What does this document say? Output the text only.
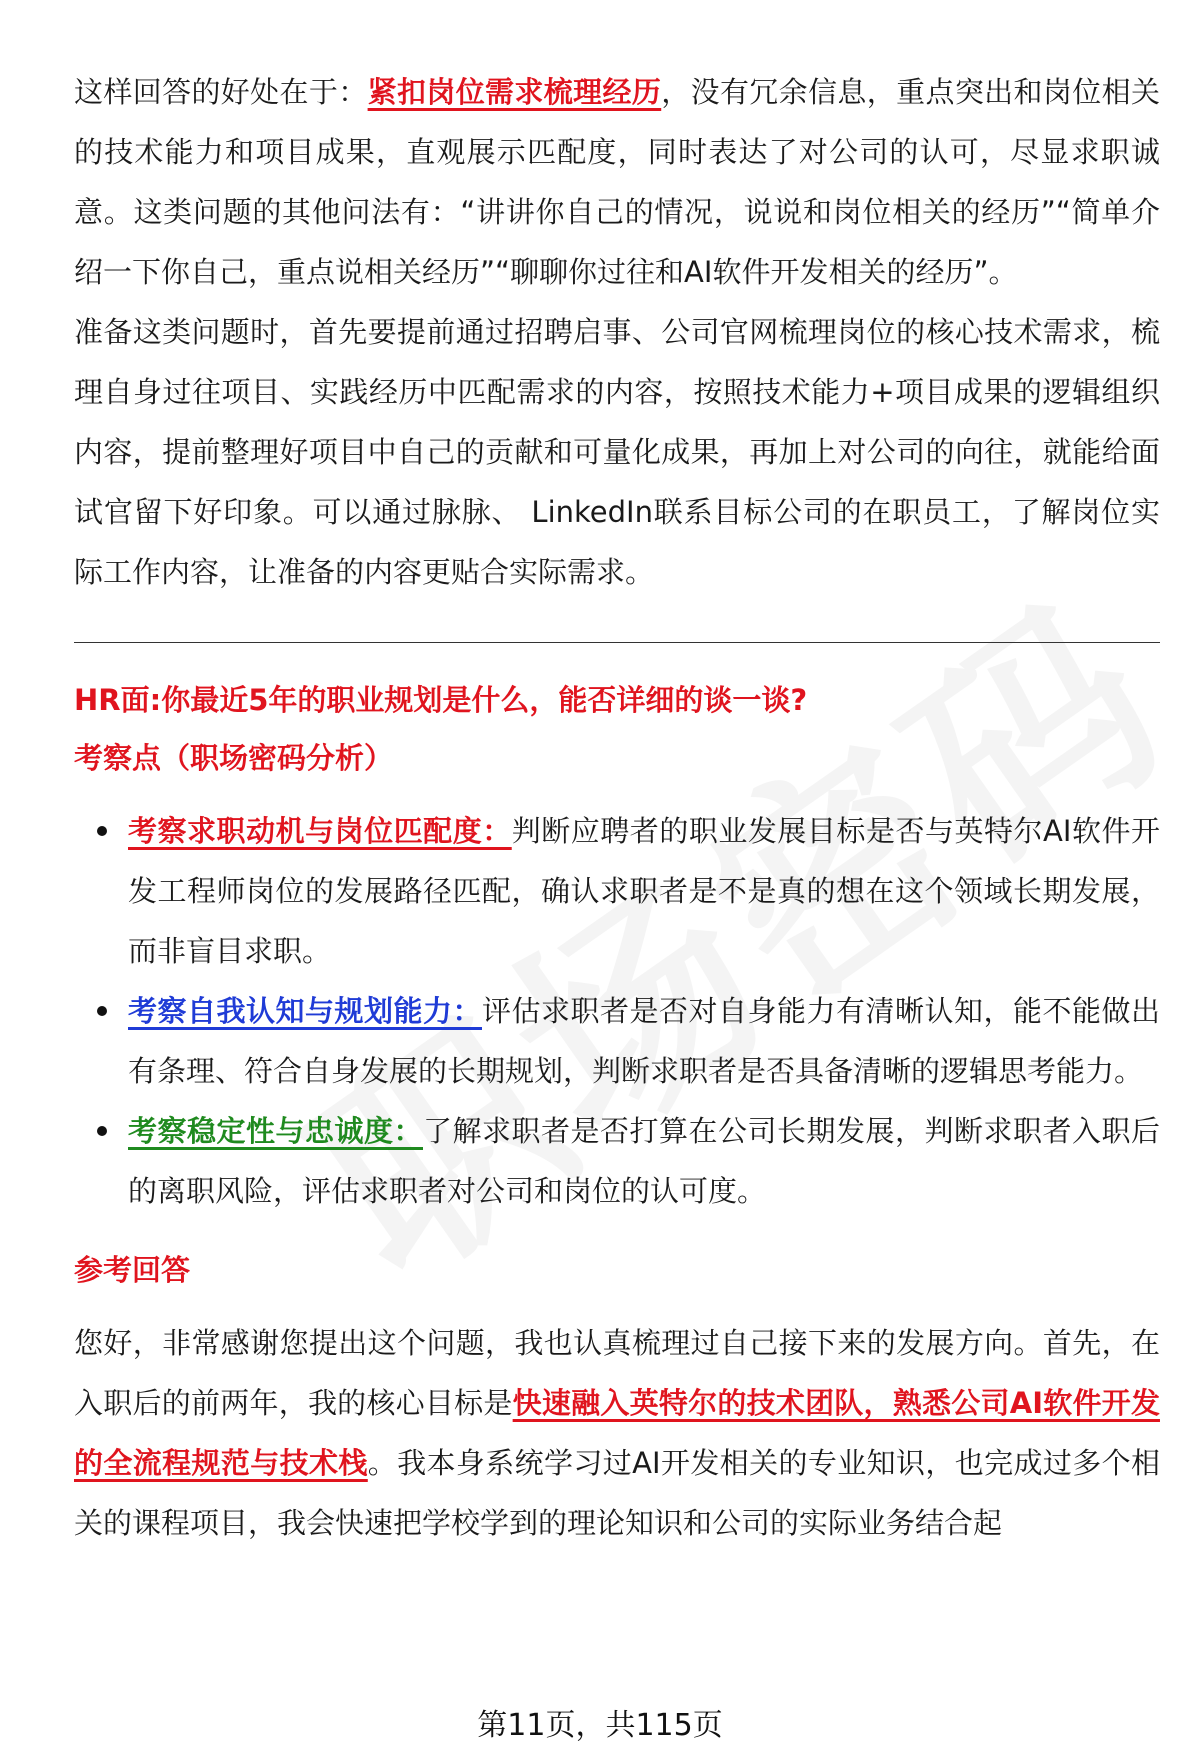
这样回答的好处在于：紧扣岗位需求梳理经历，没有冗余信息，重点突出和岗位相关的技术能力和项目成果，直观展示匹配度，同时表达了对公司的认可，尽显求职诚意。这类问题的其他问法有：“讲讲你自己的情况，说说和岗位相关的经历”“简单介绍一下你自己，重点说相关经历”“聊聊你过往和AI软件开发相关的经历”。

准备这类问题时，首先要提前通过招聘启事、公司官网梳理岗位的核心技术需求，梳理自身过往项目、实践经历中匹配需求的内容，按照技术能力+项目成果的逻辑组织内容，提前整理好项目中自己的贡献和可量化成果，再加上对公司的向往，就能给面试官留下好印象。可以通过脉脉、 LinkedIn联系目标公司的在职员工，了解岗位实际工作内容，让准备的内容更贴合实际需求。

HR面:你最近5年的职业规划是什么，能否详细的谈一谈?

考察点（职场密码分析）

考察求职动机与岗位匹配度：判断应聘者的职业发展目标是否与英特尔AI软件开发工程师岗位的发展路径匹配，确认求职者是不是真的想在这个领域长期发展，而非盲目求职。
考察自我认知与规划能力：评估求职者是否对自身能力有清晰认知，能不能做出有条理、符合自身发展的长期规划，判断求职者是否具备清晰的逻辑思考能力。
考察稳定性与忠诚度：了解求职者是否打算在公司长期发展，判断求职者入职后的离职风险，评估求职者对公司和岗位的认可度。

参考回答

您好，非常感谢您提出这个问题，我也认真梳理过自己接下来的发展方向。首先，在入职后的前两年，我的核心目标是快速融入英特尔的技术团队，熟悉公司AI软件开发的全流程规范与技术栈。我本身系统学习过AI开发相关的专业知识，也完成过多个相关的课程项目，我会快速把学校学到的理论知识和公司的实际业务结合起

第11页，共115页
